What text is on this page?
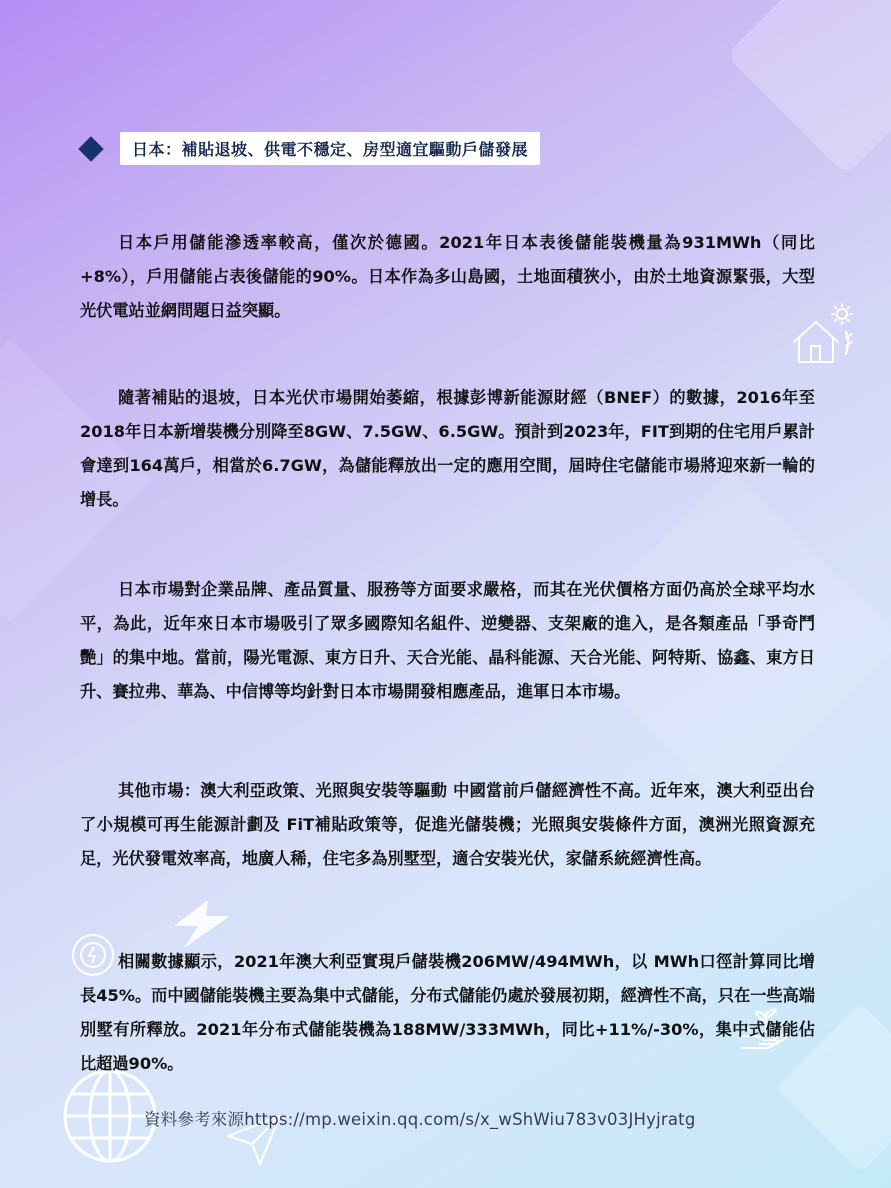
日本：補貼退坡、供電不穩定、房型適宜驅動戶儲發展

日本戶用儲能滲透率較高，僅次於德國。2021年日本表後儲能裝機量為931MWh（同比+8%），戶用儲能占表後儲能的90%。日本作為多山島國，土地面積狹小，由於土地資源緊張，大型光伏電站並網問題日益突顯。

隨著補貼的退坡，日本光伏市場開始萎縮，根據彭博新能源財經（BNEF）的數據，2016年至2018年日本新增裝機分別降至8GW、7.5GW、6.5GW。預計到2023年，FIT到期的住宅用戶累計會達到164萬戶，相當於6.7GW，為儲能釋放出一定的應用空間，屆時住宅儲能市場將迎來新一輪的增長。

日本市場對企業品牌、產品質量、服務等方面要求嚴格，而其在光伏價格方面仍高於全球平均水平，為此，近年來日本市場吸引了眾多國際知名組件、逆變器、支架廠的進入，是各類產品「爭奇鬥艷」的集中地。當前，陽光電源、東方日升、天合光能、晶科能源、天合光能、阿特斯、協鑫、東方日升、賽拉弗、華為、中信博等均針對日本市場開發相應產品，進軍日本市場。

其他市場：澳大利亞政策、光照與安裝等驅動 中國當前戶儲經濟性不高。近年來，澳大利亞出台了小規模可再生能源計劃及 FiT補貼政策等，促進光儲裝機；光照與安裝條件方面，澳洲光照資源充足，光伏發電效率高，地廣人稀，住宅多為別墅型，適合安裝光伏，家儲系統經濟性高。

相關數據顯示，2021年澳大利亞實現戶儲裝機206MW/494MWh，以 MWh口徑計算同比增長45%。而中國儲能裝機主要為集中式儲能，分布式儲能仍處於發展初期，經濟性不高，只在一些高端別墅有所釋放。2021年分布式儲能裝機為188MW/333MWh，同比+11%/-30%，集中式儲能佔比超過90%。

資料參考來源https://mp.weixin.qq.com/s/x_wShWiu783v03JHyjratg
